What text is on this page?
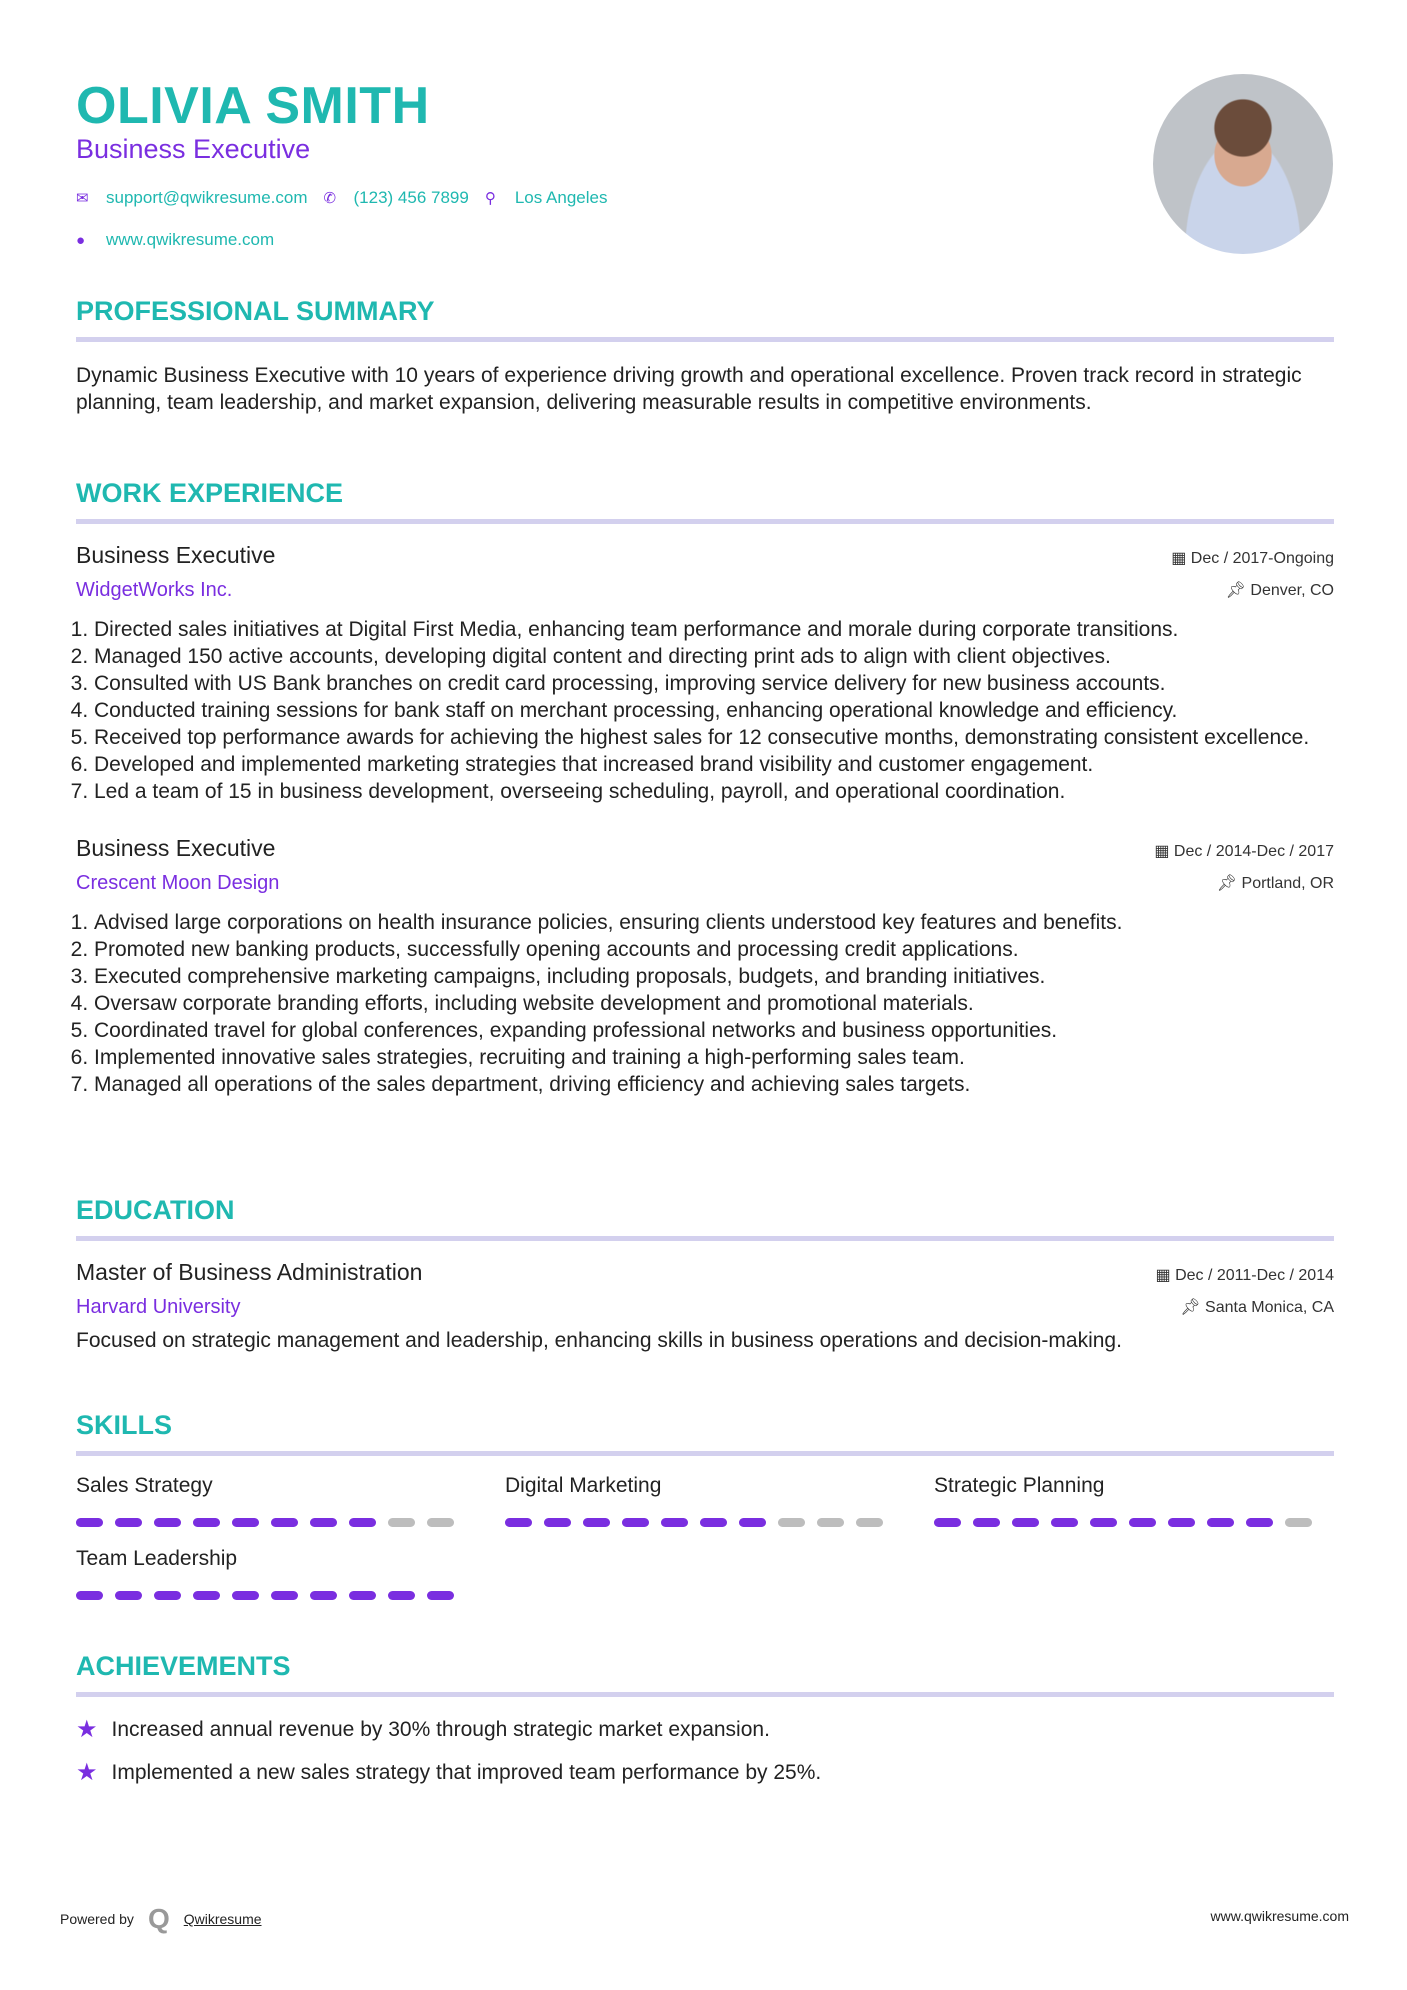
OLIVIA SMITH
Business Executive
✉	support@qwikresume.com ✆	(123) 456 7899 ⚲	Los Angeles
●	www.qwikresume.com
PROFESSIONAL SUMMARY

Dynamic Business Executive with 10 years of experience driving growth and operational excellence. Proven track record in strategic planning, team leadership, and market expansion, delivering measurable results in competitive environments.

WORK EXPERIENCE
Business Executive
WidgetWorks Inc.
▦ Dec / 2017-Ongoing
📌︎ Denver, CO
1. Directed sales initiatives at Digital First Media, enhancing team performance and morale during corporate transitions.
2. Managed 150 active accounts, developing digital content and directing print ads to align with client objectives.
3. Consulted with US Bank branches on credit card processing, improving service delivery for new business accounts.
4. Conducted training sessions for bank staff on merchant processing, enhancing operational knowledge and efficiency.
5. Received top performance awards for achieving the highest sales for 12 consecutive months, demonstrating consistent excellence.
6. Developed and implemented marketing strategies that increased brand visibility and customer engagement.
7. Led a team of 15 in business development, overseeing scheduling, payroll, and operational coordination.
Business Executive
Crescent Moon Design
▦ Dec / 2014-Dec / 2017
📌︎ Portland, OR
1. Advised large corporations on health insurance policies, ensuring clients understood key features and benefits.
2. Promoted new banking products, successfully opening accounts and processing credit applications.
3. Executed comprehensive marketing campaigns, including proposals, budgets, and branding initiatives.
4. Oversaw corporate branding efforts, including website development and promotional materials.
5. Coordinated travel for global conferences, expanding professional networks and business opportunities.
6. Implemented innovative sales strategies, recruiting and training a high-performing sales team.
7. Managed all operations of the sales department, driving efficiency and achieving sales targets.
EDUCATION
Master of Business Administration
Harvard University
▦ Dec / 2011-Dec / 2014
📌︎ Santa Monica, CA

Focused on strategic management and leadership, enhancing skills in business operations and decision-making.

SKILLS
Sales Strategy	Digital Marketing	Strategic Planning
Team Leadership
ACHIEVEMENTS
★ Increased annual revenue by 30% through strategic market expansion.
★ Implemented a new sales strategy that improved team performance by 25%.
Powered by Q Qwikresume	www.qwikresume.com
